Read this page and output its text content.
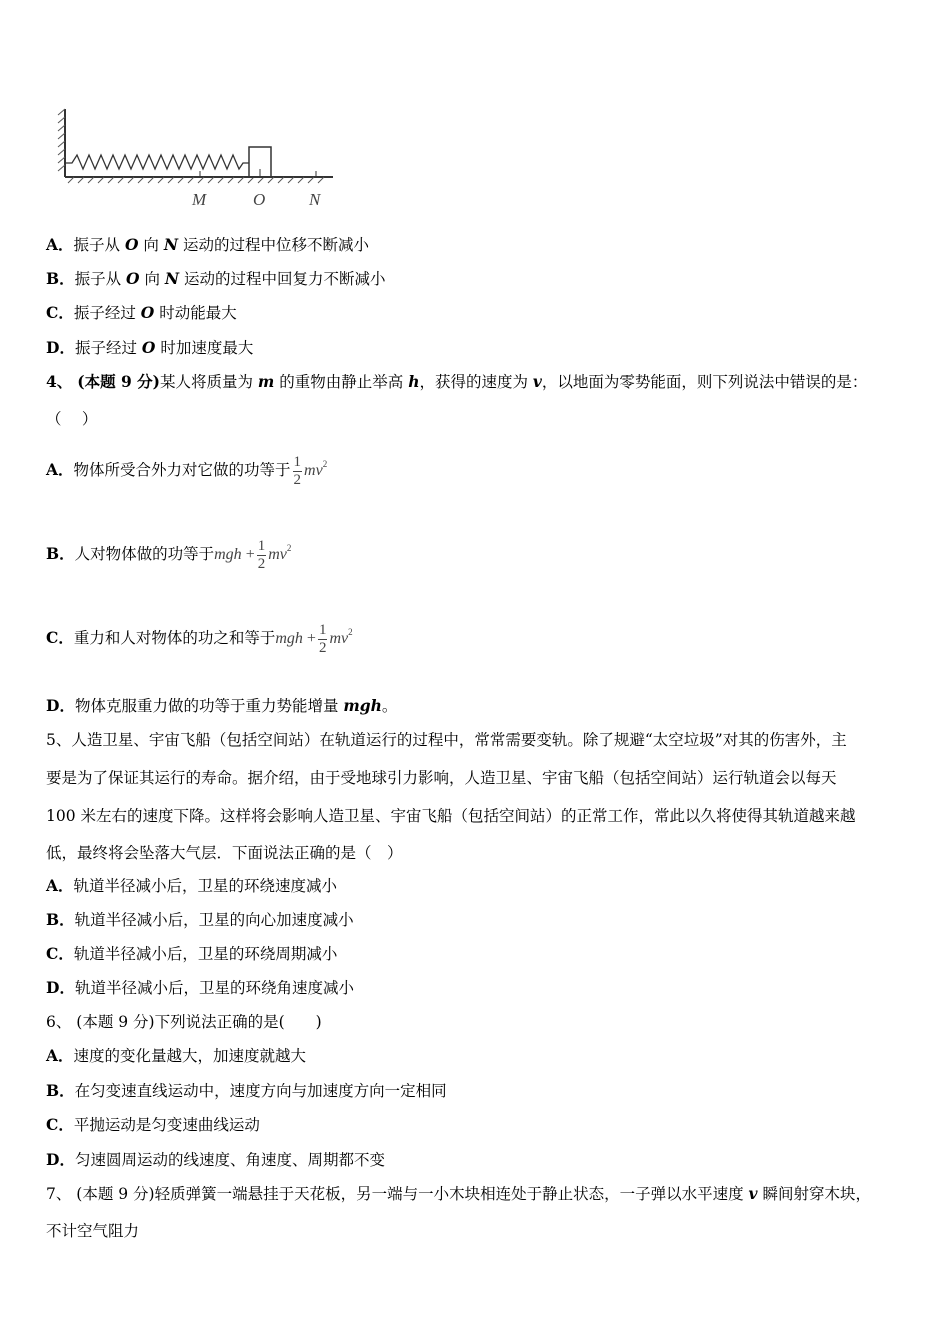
M	O	N
A．振子从 O 向 N 运动的过程中位移不断减小
B．振子从 O 向 N 运动的过程中回复力不断减小
C．振子经过 O 时动能最大
D．振子经过 O 时加速度最大
4、 (本题 9 分)某人将质量为 m 的重物由静止举高 h，获得的速度为 v，以地面为零势能面，则下列说法中错误的是：
（　 ）
A．物体所受合外力对它做的功等于 $\frac{1}{2} mv^2$
B．人对物体做的功等于mgh + $\frac{1}{2} mv^2$
C．重力和人对物体的功之和等于mgh + $\frac{1}{2} mv^2$
D．物体克服重力做的功等于重力势能增量 mgh。
5、人造卫星、宇宙飞船（包括空间站）在轨道运行的过程中，常常需要变轨。除了规避“太空垃圾”对其的伤害外，主
要是为了保证其运行的寿命。据介绍，由于受地球引力影响，人造卫星、宇宙飞船（包括空间站）运行轨道会以每天
100 米左右的速度下降。这样将会影响人造卫星、宇宙飞船（包括空间站）的正常工作，常此以久将使得其轨道越来越
低，最终将会坠落大气层．下面说法正确的是（　）
A．轨道半径减小后，卫星的环绕速度减小
B．轨道半径减小后，卫星的向心加速度减小
C．轨道半径减小后，卫星的环绕周期减小
D．轨道半径减小后，卫星的环绕角速度减小
6、 (本题 9 分)下列说法正确的是(　　)
A．速度的变化量越大，加速度就越大
B．在匀变速直线运动中，速度方向与加速度方向一定相同
C．平抛运动是匀变速曲线运动
D．匀速圆周运动的线速度、角速度、周期都不变
7、 (本题 9 分)轻质弹簧一端悬挂于天花板，另一端与一小木块相连处于静止状态，一子弹以水平速度 v 瞬间射穿木块，
不计空气阻力
